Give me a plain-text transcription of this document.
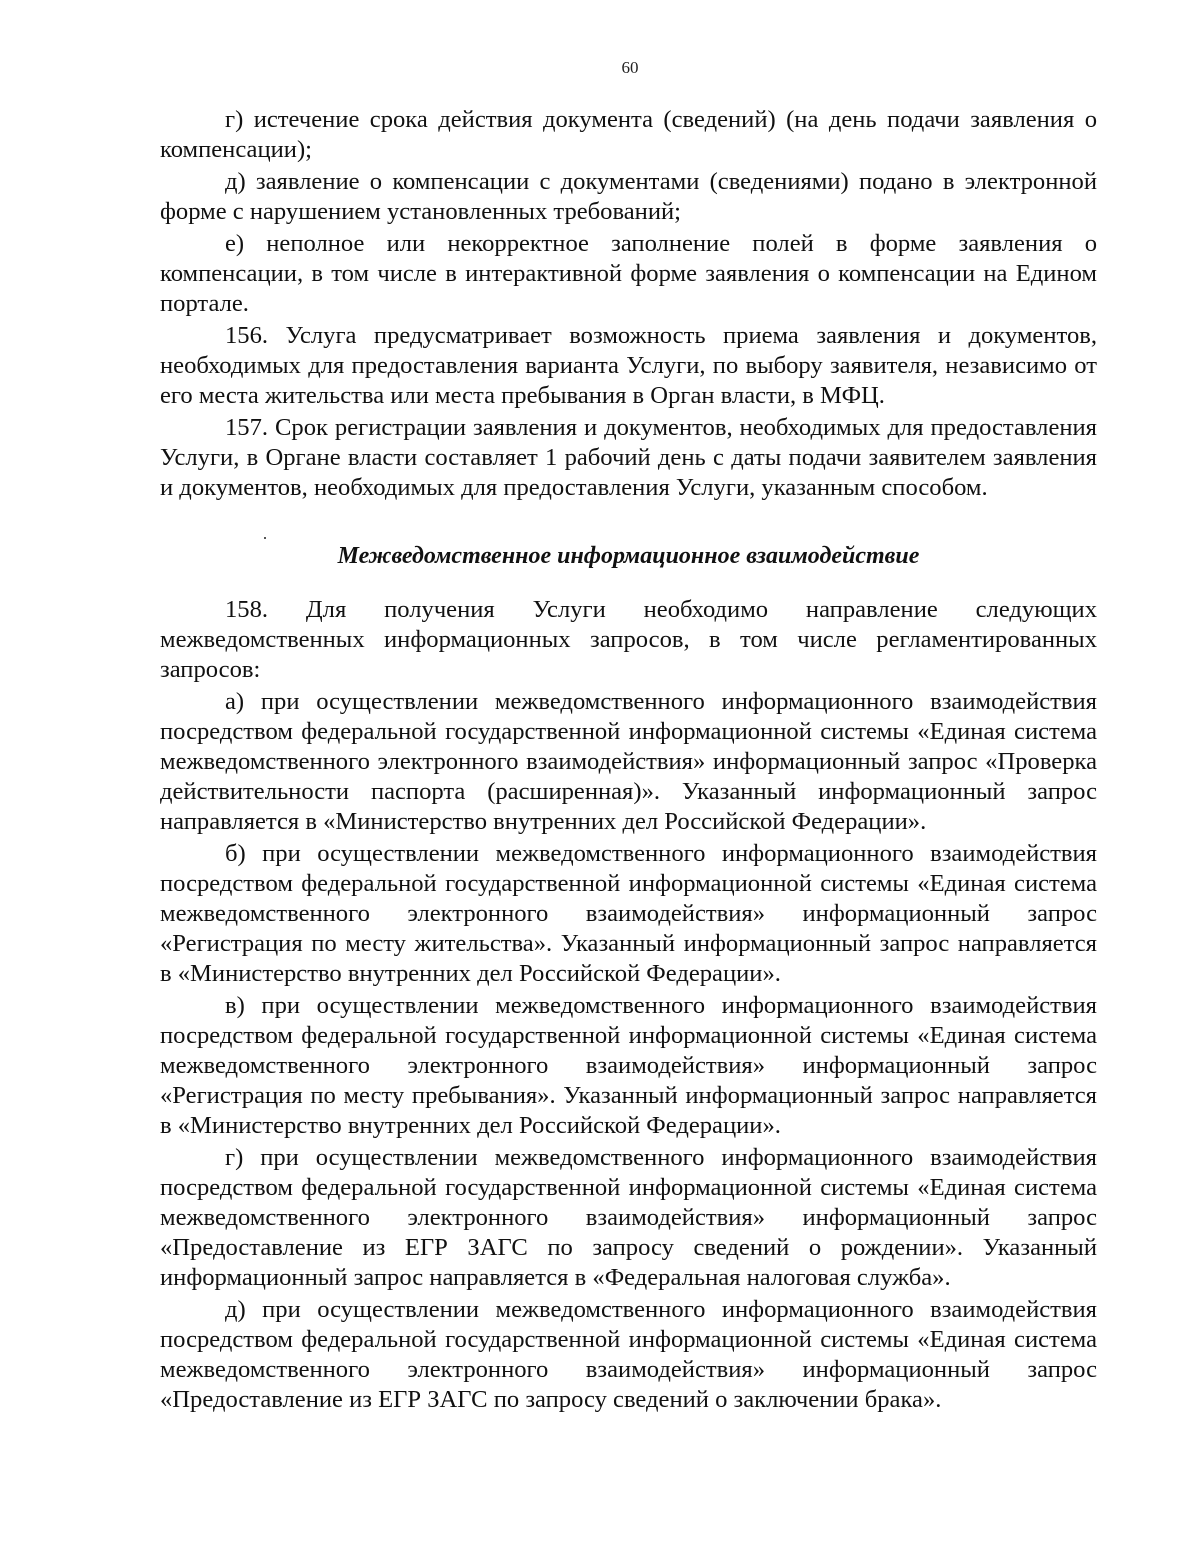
60

г) истечение срока действия документа (сведений) (на день подачи заявления о компенсации);

д) заявление о компенсации с документами (сведениями) подано в электронной форме с нарушением установленных требований;

е) неполное или некорректное заполнение полей в форме заявления о компенсации, в том числе в интерактивной форме заявления о компенсации на Едином портале.

156. Услуга предусматривает возможность приема заявления и документов, необходимых для предоставления варианта Услуги, по выбору заявителя, независимо от его места жительства или места пребывания в Орган власти, в МФЦ.

157. Срок регистрации заявления и документов, необходимых для предоставления Услуги, в Органе власти составляет 1 рабочий день с даты подачи заявителем заявления и документов, необходимых для предоставления Услуги, указанным способом.

Межведомственное информационное взаимодействие

158. Для получения Услуги необходимо направление следующих межведомственных информационных запросов, в том числе регламентированных запросов:

а) при осуществлении межведомственного информационного взаимодействия посредством федеральной государственной информационной системы «Единая система межведомственного электронного взаимодействия» информационный запрос «Проверка действительности паспорта (расширенная)». Указанный информационный запрос направляется в «Министерство внутренних дел Российской Федерации».

б) при осуществлении межведомственного информационного взаимодействия посредством федеральной государственной информационной системы «Единая система межведомственного электронного взаимодействия» информационный запрос «Регистрация по месту жительства». Указанный информационный запрос направляется в «Министерство внутренних дел Российской Федерации».

в) при осуществлении межведомственного информационного взаимодействия посредством федеральной государственной информационной системы «Единая система межведомственного электронного взаимодействия» информационный запрос «Регистрация по месту пребывания». Указанный информационный запрос направляется в «Министерство внутренних дел Российской Федерации».

г) при осуществлении межведомственного информационного взаимодействия посредством федеральной государственной информационной системы «Единая система межведомственного электронного взаимодействия» информационный запрос «Предоставление из ЕГР ЗАГС по запросу сведений о рождении». Указанный информационный запрос направляется в «Федеральная налоговая служба».

д) при осуществлении межведомственного информационного взаимодействия посредством федеральной государственной информационной системы «Единая система межведомственного электронного взаимодействия» информационный запрос «Предоставление из ЕГР ЗАГС по запросу сведений о заключении брака».
